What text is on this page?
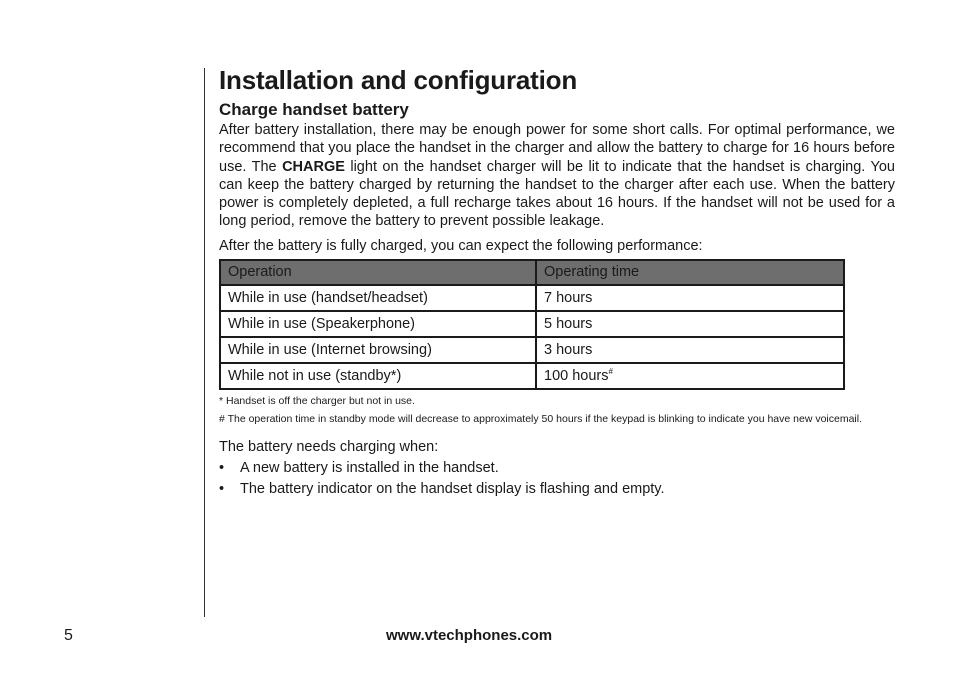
Installation and configuration
Charge handset battery

After battery installation, there may be enough power for some short calls. For optimal performance, we recommend that you place the handset in the charger and allow the battery to charge for 16 hours before use. The CHARGE light on the handset charger will be lit to indicate that the handset is charging. You can keep the battery charged by returning the handset to the charger after each use. When the battery power is completely depleted, a full recharge takes about 16 hours. If the handset will not be used for a long period, remove the battery to prevent possible leakage.

After the battery is fully charged, you can expect the following performance:

Operation	Operating time
While in use (handset/headset)	7 hours
While in use (Speakerphone)	5 hours
While in use (Internet browsing)	3 hours
While not in use (standby*)	100 hours#

* Handset is off the charger but not in use.

# The operation time in standby mode will decrease to approximately 50 hours if the keypad is blinking to indicate you have new voicemail.

The battery needs charging when:

• A new battery is installed in the handset.
• The battery indicator on the handset display is flashing and empty.
5	www.vtechphones.com
